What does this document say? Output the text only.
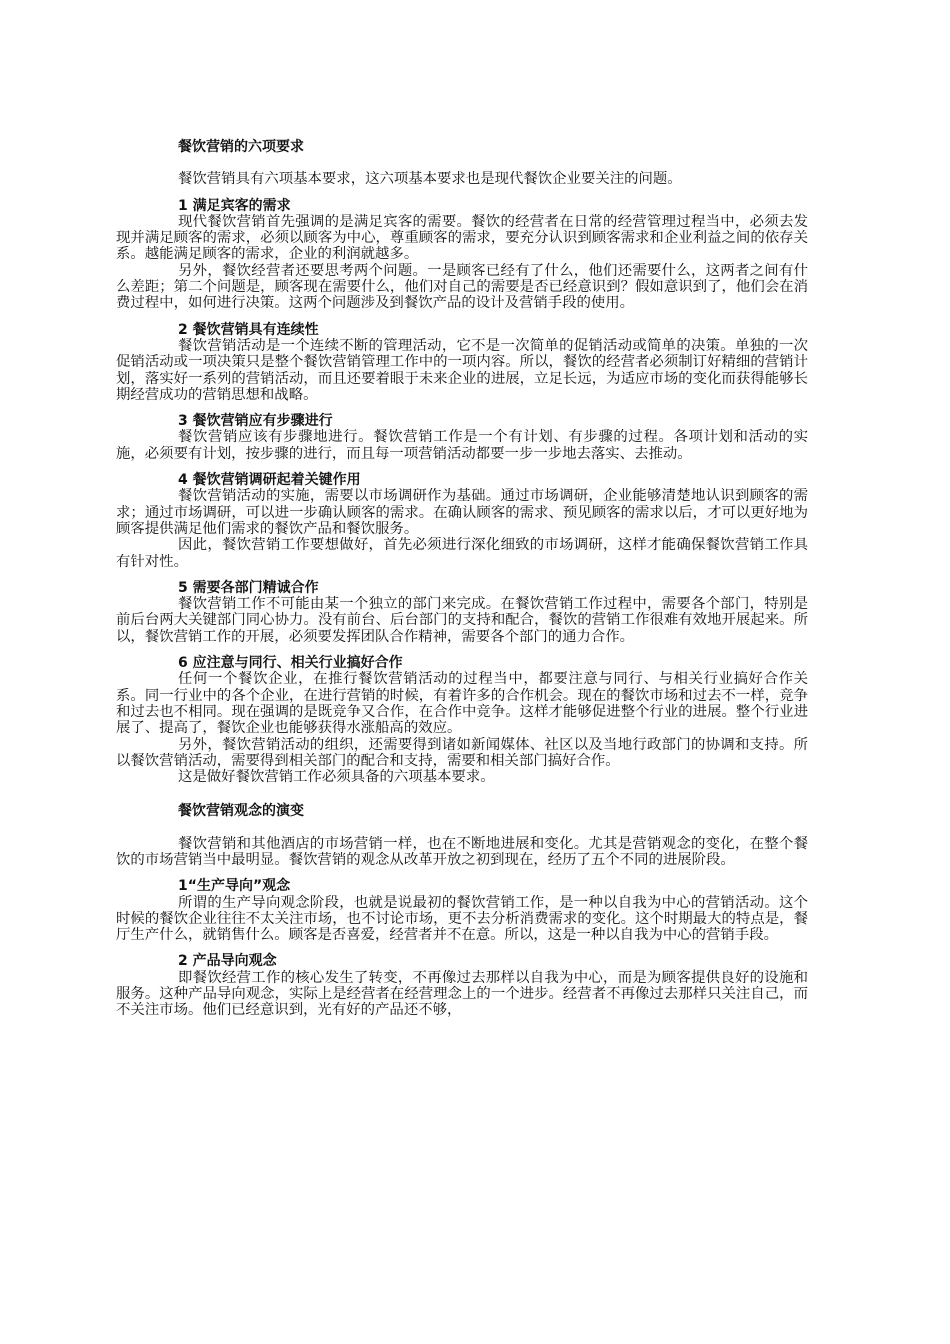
餐饮营销的六项要求

餐饮营销具有六项基本要求，这六项基本要求也是现代餐饮企业要关注的问题。

1 满足宾客的需求

现代餐饮营销首先强调的是满足宾客的需要。餐饮的经营者在日常的经营管理过程当中，必须去发现并满足顾客的需求，必须以顾客为中心，尊重顾客的需求，要充分认识到顾客需求和企业利益之间的依存关系。越能满足顾客的需求，企业的利润就越多。

另外，餐饮经营者还要思考两个问题。一是顾客已经有了什么，他们还需要什么，这两者之间有什么差距；第二个问题是，顾客现在需要什么，他们对自己的需要是否已经意识到？假如意识到了，他们会在消费过程中，如何进行决策。这两个问题涉及到餐饮产品的设计及营销手段的使用。

2 餐饮营销具有连续性

餐饮营销活动是一个连续不断的管理活动，它不是一次简单的促销活动或简单的决策。单独的一次促销活动或一项决策只是整个餐饮营销管理工作中的一项内容。所以，餐饮的经营者必须制订好精细的营销计划，落实好一系列的营销活动，而且还要着眼于未来企业的进展，立足长远，为适应市场的变化而获得能够长期经营成功的营销思想和战略。

3 餐饮营销应有步骤进行

餐饮营销应该有步骤地进行。餐饮营销工作是一个有计划、有步骤的过程。各项计划和活动的实施，必须要有计划，按步骤的进行，而且每一项营销活动都要一步一步地去落实、去推动。

4 餐饮营销调研起着关键作用

餐饮营销活动的实施，需要以市场调研作为基础。通过市场调研，企业能够清楚地认识到顾客的需求；通过市场调研，可以进一步确认顾客的需求。在确认顾客的需求、预见顾客的需求以后，才可以更好地为顾客提供满足他们需求的餐饮产品和餐饮服务。

因此，餐饮营销工作要想做好，首先必须进行深化细致的市场调研，这样才能确保餐饮营销工作具有针对性。

5 需要各部门精诚合作

餐饮营销工作不可能由某一个独立的部门来完成。在餐饮营销工作过程中，需要各个部门，特别是前后台两大关键部门同心协力。没有前台、后台部门的支持和配合，餐饮的营销工作很难有效地开展起来。所以，餐饮营销工作的开展，必须要发挥团队合作精神，需要各个部门的通力合作。

6 应注意与同行、相关行业搞好合作

任何一个餐饮企业，在推行餐饮营销活动的过程当中，都要注意与同行、与相关行业搞好合作关系。同一行业中的各个企业，在进行营销的时候，有着许多的合作机会。现在的餐饮市场和过去不一样，竞争和过去也不相同。现在强调的是既竞争又合作，在合作中竞争。这样才能够促进整个行业的进展。整个行业进展了、提高了，餐饮企业也能够获得水涨船高的效应。

另外，餐饮营销活动的组织，还需要得到诸如新闻媒体、社区以及当地行政部门的协调和支持。所以餐饮营销活动，需要得到相关部门的配合和支持，需要和相关部门搞好合作。

这是做好餐饮营销工作必须具备的六项基本要求。

餐饮营销观念的演变

餐饮营销和其他酒店的市场营销一样，也在不断地进展和变化。尤其是营销观念的变化，在整个餐饮的市场营销当中最明显。餐饮营销的观念从改革开放之初到现在，经历了五个不同的进展阶段。

1“生产导向”观念

所谓的生产导向观念阶段，也就是说最初的餐饮营销工作，是一种以自我为中心的营销活动。这个时候的餐饮企业往往不太关注市场，也不讨论市场，更不去分析消费需求的变化。这个时期最大的特点是，餐厅生产什么，就销售什么。顾客是否喜爱，经营者并不在意。所以，这是一种以自我为中心的营销手段。

2 产品导向观念

即餐饮经营工作的核心发生了转变，不再像过去那样以自我为中心，而是为顾客提供良好的设施和服务。这种产品导向观念，实际上是经营者在经营理念上的一个进步。经营者不再像过去那样只关注自己，而不关注市场。他们已经意识到，光有好的产品还不够，
